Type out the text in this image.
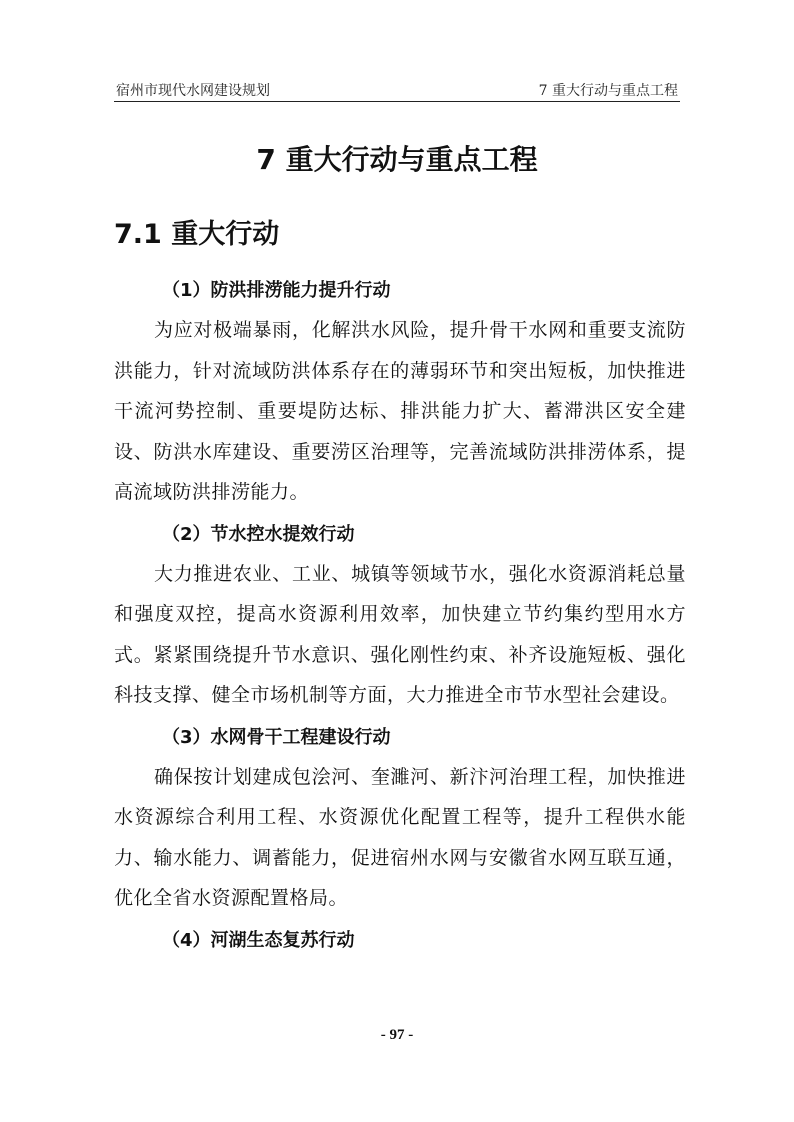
宿州市现代水网建设规划	7 重大行动与重点工程
7 重大行动与重点工程
7.1 重大行动
（1）防洪排涝能力提升行动
为应对极端暴雨，化解洪水风险，提升骨干水网和重要支流防洪能力，针对流域防洪体系存在的薄弱环节和突出短板，加快推进干流河势控制、重要堤防达标、排洪能力扩大、蓄滞洪区安全建设、防洪水库建设、重要涝区治理等，完善流域防洪排涝体系，提高流域防洪排涝能力。
（2）节水控水提效行动
大力推进农业、工业、城镇等领域节水，强化水资源消耗总量和强度双控，提高水资源利用效率，加快建立节约集约型用水方式。紧紧围绕提升节水意识、强化刚性约束、补齐设施短板、强化科技支撑、健全市场机制等方面，大力推进全市节水型社会建设。
（3）水网骨干工程建设行动
确保按计划建成包浍河、奎濉河、新汴河治理工程，加快推进水资源综合利用工程、水资源优化配置工程等，提升工程供水能力、输水能力、调蓄能力，促进宿州水网与安徽省水网互联互通，优化全省水资源配置格局。
（4）河湖生态复苏行动
- 97 -
